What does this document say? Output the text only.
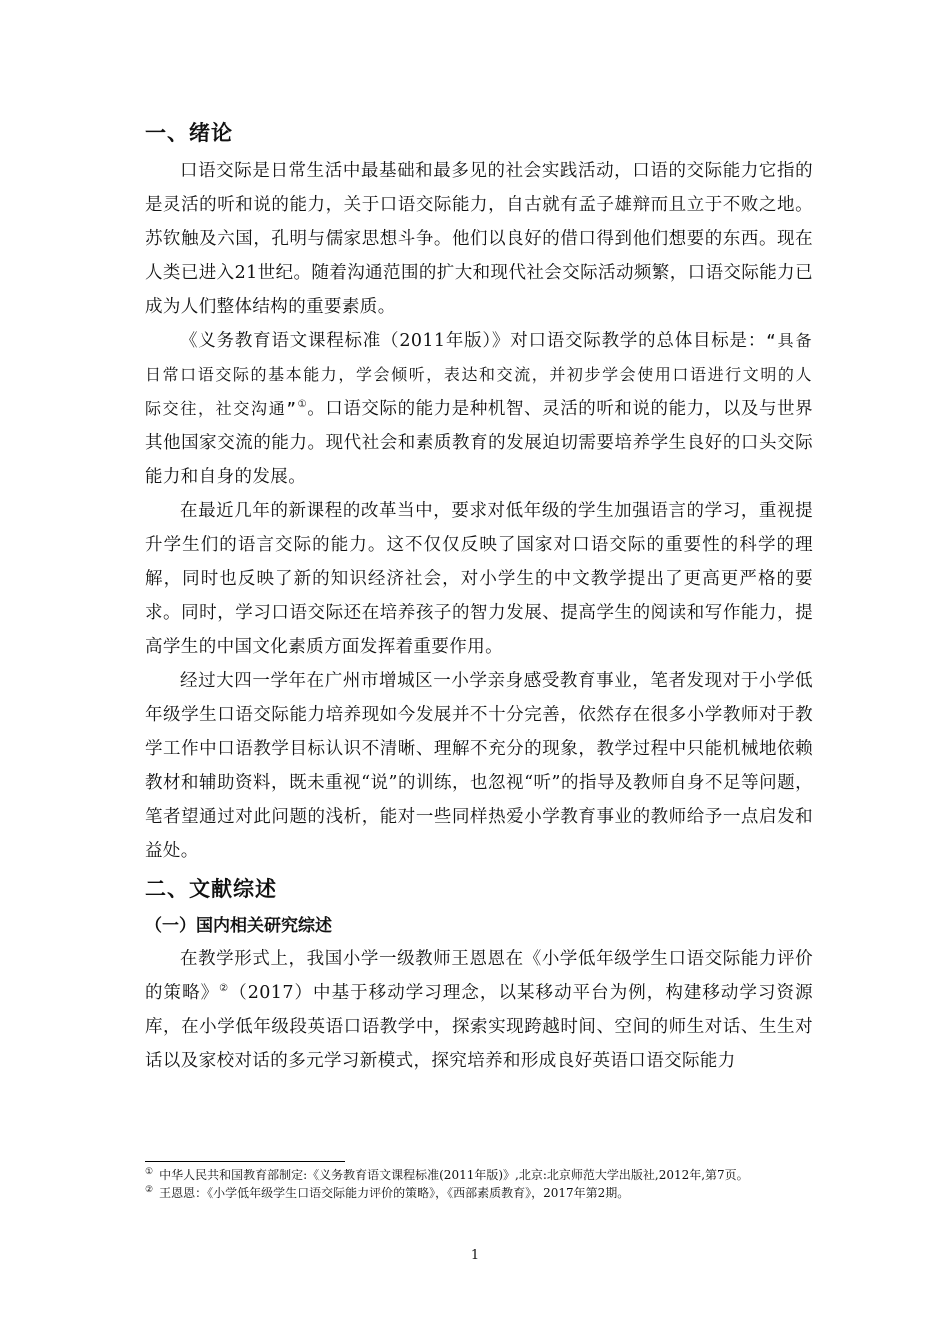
一、绪论

口语交际是日常生活中最基础和最多见的社会实践活动，口语的交际能力它指的是灵活的听和说的能力，关于口语交际能力，自古就有孟子雄辩而且立于不败之地。苏钦触及六国，孔明与儒家思想斗争。他们以良好的借口得到他们想要的东西。现在人类已进入21世纪。随着沟通范围的扩大和现代社会交际活动频繁，口语交际能力已成为人们整体结构的重要素质。

《义务教育语文课程标准（2011年版）》对口语交际教学的总体目标是：“具备日常口语交际的基本能力，学会倾听，表达和交流，并初步学会使用口语进行文明的人际交往，社交沟通”①。口语交际的能力是种机智、灵活的听和说的能力，以及与世界其他国家交流的能力。现代社会和素质教育的发展迫切需要培养学生良好的口头交际能力和自身的发展。

在最近几年的新课程的改革当中，要求对低年级的学生加强语言的学习，重视提升学生们的语言交际的能力。这不仅仅反映了国家对口语交际的重要性的科学的理解，同时也反映了新的知识经济社会，对小学生的中文教学提出了更高更严格的要求。同时，学习口语交际还在培养孩子的智力发展、提高学生的阅读和写作能力，提高学生的中国文化素质方面发挥着重要作用。

经过大四一学年在广州市增城区一小学亲身感受教育事业，笔者发现对于小学低年级学生口语交际能力培养现如今发展并不十分完善，依然存在很多小学教师对于教学工作中口语教学目标认识不清晰、理解不充分的现象，教学过程中只能机械地依赖教材和辅助资料，既未重视“说”的训练，也忽视“听”的指导及教师自身不足等问题，笔者望通过对此问题的浅析，能对一些同样热爱小学教育事业的教师给予一点启发和益处。

二、文献综述
（一）国内相关研究综述

在教学形式上，我国小学一级教师王恩恩在《小学低年级学生口语交际能力评价的策略》②（2017）中基于移动学习理念，以某移动平台为例，构建移动学习资源库，在小学低年级段英语口语教学中，探索实现跨越时间、空间的师生对话、生生对话以及家校对话的多元学习新模式，探究培养和形成良好英语口语交际能力

① 中华人民共和国教育部制定:《义务教育语文课程标准(2011年版)》,北京:北京师范大学出版社,2012年,第7页。

② 王恩恩：《小学低年级学生口语交际能力评价的策略》，《西部素质教育》，2017年第2期。

1
